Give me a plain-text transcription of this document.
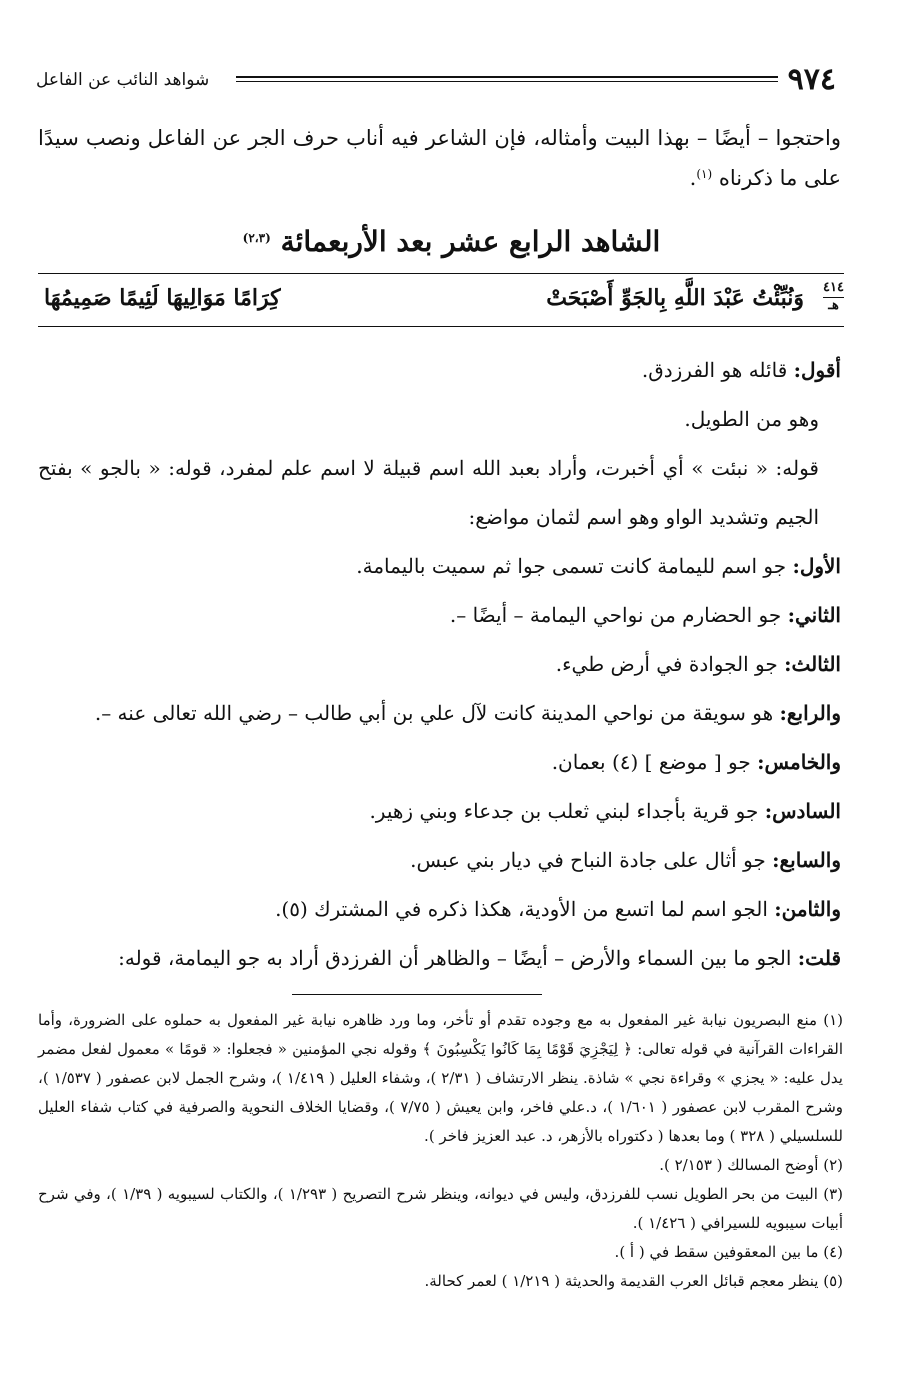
٩٧٤
شواهد النائب عن الفاعل
واحتجوا – أيضًا – بهذا البيت وأمثاله، فإن الشاعر فيه أناب حرف الجر عن الفاعل ونصب سيدًا على ما ذكرناه $^{(١)}$.
الشاهد الرابع عشر بعد الأربعمائة $^{(٢،٣)}$
٤١٤
هـ
وَنُبِّئْتُ عَبْدَ اللَّهِ بِالجَوِّ أَصْبَحَتْ
كِرَامًا مَوَالِيهَا لَئِيمًا صَمِيمُهَا
أقول: قائله هو الفرزدق.
وهو من الطويل.
قوله: « نبئت » أي أخبرت، وأراد بعبد الله اسم قبيلة لا اسم علم لمفرد، قوله: « بالجو » بفتح الجيم وتشديد الواو وهو اسم لثمان مواضع:
الأول: جو اسم لليمامة كانت تسمى جوا ثم سميت باليمامة.
الثاني: جو الحضارم من نواحي اليمامة – أيضًا –.
الثالث: جو الجوادة في أرض طيء.
والرابع: هو سويقة من نواحي المدينة كانت لآل علي بن أبي طالب – رضي الله تعالى عنه –.
والخامس: جو [ موضع ] (٤) بعمان.
السادس: جو قرية بأجداء لبني ثعلب بن جدعاء وبني زهير.
والسابع: جو أثال على جادة النباح في ديار بني عبس.
والثامن: الجو اسم لما اتسع من الأودية، هكذا ذكره في المشترك (٥).
قلت: الجو ما بين السماء والأرض – أيضًا – والظاهر أن الفرزدق أراد به جو اليمامة، قوله:
(١) منع البصريون نيابة غير المفعول به مع وجوده تقدم أو تأخر، وما ورد ظاهره نيابة غير المفعول به حملوه على الضرورة، وأما القراءات القرآنية في قوله تعالى: ﴿ لِيَجْزِيَ قَوْمًا بِمَا كَانُوا يَكْسِبُونَ ﴾ وقوله نجي المؤمنين « فجعلوا: « قومًا » معمول لفعل مضمر يدل عليه: « يجزي » وقراءة نجي » شاذة. ينظر الارتشاف ( ٢/٣١ )، وشفاء العليل ( ١/٤١٩ )، وشرح الجمل لابن عصفور ( ١/٥٣٧ )، وشرح المقرب لابن عصفور ( ١/٦٠١ )، د.علي فاخر، وابن يعيش ( ٧/٧٥ )، وقضايا الخلاف النحوية والصرفية في كتاب شفاء العليل للسلسيلي ( ٣٢٨ ) وما بعدها ( دكتوراه بالأزهر، د. عبد العزيز فاخر ).
(٢) أوضح المسالك ( ٢/١٥٣ ).
(٣) البيت من بحر الطويل نسب للفرزدق، وليس في ديوانه، وينظر شرح التصريح ( ١/٢٩٣ )، والكتاب لسيبويه ( ١/٣٩ )، وفي شرح أبيات سيبويه للسيرافي ( ١/٤٢٦ ).
(٤) ما بين المعقوفين سقط في ( أ ).
(٥) ينظر معجم قبائل العرب القديمة والحديثة ( ١/٢١٩ ) لعمر كحالة.
